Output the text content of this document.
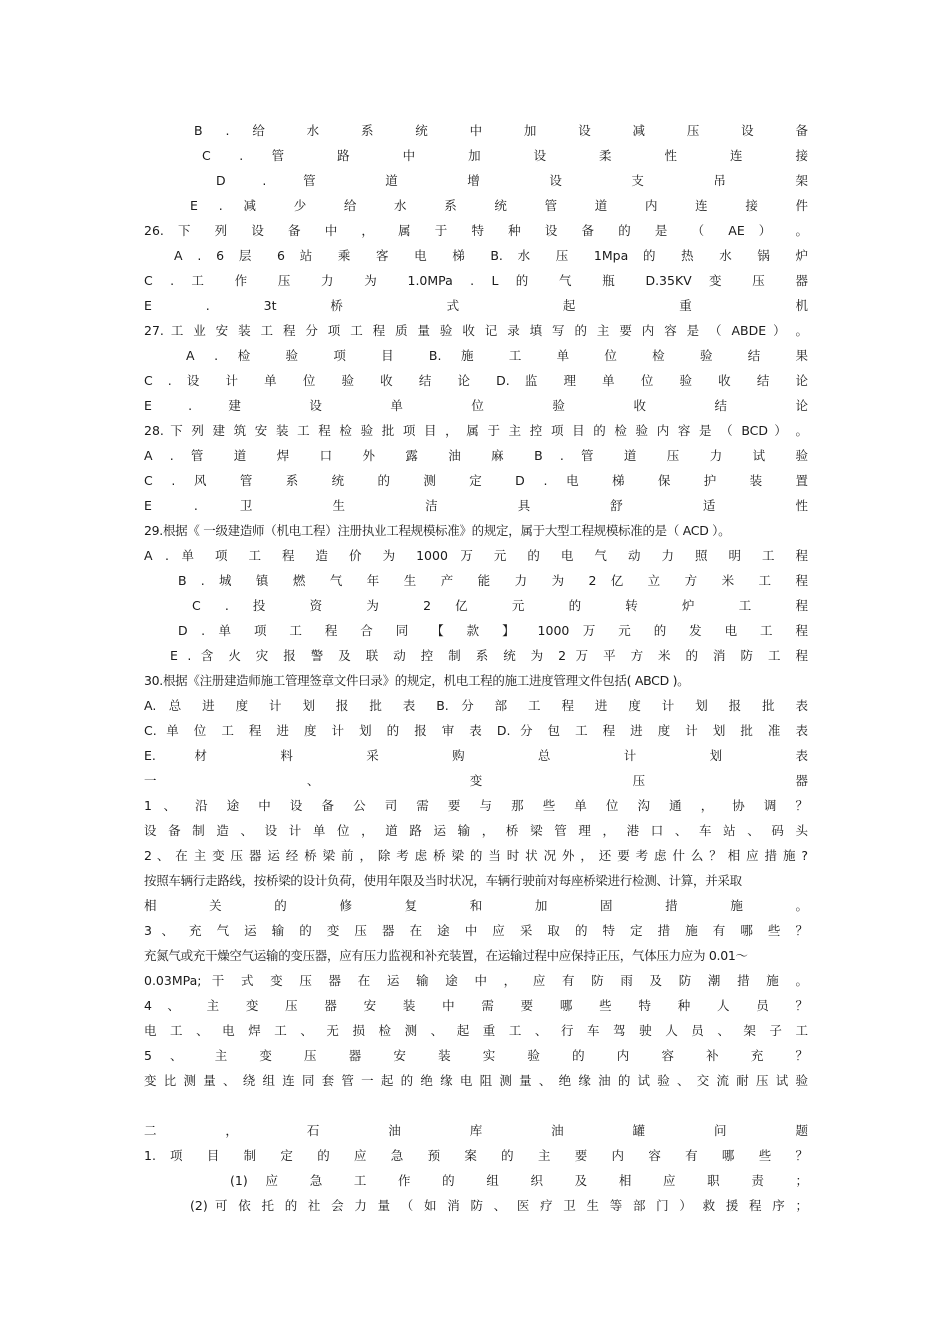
B . 给 水 系 统 中 加 设 减 压 设 备
C . 管 路 中 加 设 柔 性 连 接
D . 管 道 增 设 支 吊 架
E . 减 少 给 水 系 统 管 道 内 连 接 件
26. 下 列 设 备 中 ， 属 于 特 种 设 备 的 是 （ AE ） 。
A . 6 层 6 站 乘 客 电 梯 B. 水 压 1Mpa 的 热 水 锅 炉
C . 工 作 压 力 为 1.0MPa . L 的 气 瓶 D.35KV 变 压 器
E . 3t 桥 式 起 重 机
27. 工 业 安 装 工 程 分 项 工 程 质 量 验 收 记 录 填 写 的 主 要 内 容 是 （ ABDE ） 。
A . 检 验 项 目 B. 施 工 单 位 检 验 结 果
C . 设 计 单 位 验 收 结 论 D. 监 理 单 位 验 收 结 论
E . 建 设 单 位 验 收 结 论
28. 下 列 建 筑 安 装 工 程 检 验 批 项 目 ， 属 于 主 控 项 目 的 检 验 内 容 是 （ BCD ） 。
A . 管 道 焊 口 外 露 油 麻 B . 管 道 压 力 试 验
C . 风 管 系 统 的 测 定 D . 电 梯 保 护 装 置
E . 卫 生 洁 具 舒 适 性
29.根据《 一级建造师（机电工程）注册执业工程规模标准》的规定，属于大型工程规模标准的是（ ACD ）。
A . 单 项 工 程 造 价 为 1000 万 元 的 电 气 动 力 照 明 工 程
B . 城 镇 燃 气 年 生 产 能 力 为 2 亿 立 方 米 工 程
C . 投 资 为 2 亿 元 的 转 炉 工 程
D . 单 项 工 程 合 同 【 款 】 1000 万 元 的 发 电 工 程
E . 含 火 灾 报 警 及 联 动 控 制 系 统 为 2 万 平 方 米 的 消 防 工 程
30.根据《注册建造师施工管理签章文件曰录》的规定，机电工程的施工进度管理文件包括( ABCD )。
A. 总 进 度 计 划 报 批 表 B. 分 部 工 程 进 度 计 划 报 批 表
C. 单 位 工 程 进 度 计 划 的 报 审 表 D. 分 包 工 程 进 度 计 划 批 准 表
E. 材 料 采 购 总 计 划 表
一 、 变 压 器
1 、 沿 途 中 设 备 公 司 需 要 与 那 些 单 位 沟 通 ， 协 调 ？
设 备 制 造 、 设 计 单 位 ， 道 路 运 输 ， 桥 梁 管 理 ， 港 口 、 车 站 、 码 头
2 、 在 主 变 压 器 运 经 桥 梁 前 ， 除 考 虑 桥 梁 的 当 时 状 况 外 ， 还 要 考 虑 什 么 ？ 相 应 措 施 ?
按照车辆行走路线，按桥梁的设计负荷，使用年限及当时状况，车辆行驶前对每座桥梁进行检测、计算，并采取
相 关 的 修 复 和 加 固 措 施 。
3 、 充 气 运 输 的 变 压 器 在 途 中 应 采 取 的 特 定 措 施 有 哪 些 ？
充氮气或充干燥空气运输的变压器，应有压力监视和补充装置，在运输过程中应保持正压，气体压力应为 0.01～
0.03MPa; 干 式 变 压 器 在 运 输 途 中 ， 应 有 防 雨 及 防 潮 措 施 。
4 、 主 变 压 器 安 装 中 需 要 哪 些 特 种 人 员 ？
电 工 、 电 焊 工 、 无 损 检 测 、 起 重 工 、 行 车 驾 驶 人 员 、 架 子 工
5 、 主 变 压 器 安 装 实 验 的 内 容 补 充 ？
变 比 测 量 、 绕 组 连 同 套 管 一 起 的 绝 缘 电 阻 测 量 、 绝 缘 油 的 试 验 、 交 流 耐 压 试 验
二 ， 石 油 库 油 罐 问 题
1. 项 目 制 定 的 应 急 预 案 的 主 要 内 容 有 哪 些 ？
(1) 应 急 工 作 的 组 织 及 相 应 职 责 ；
(2) 可 依 托 的 社 会 力 量 （ 如 消 防 、 医 疗 卫 生 等 部 门 ） 救 援 程 序 ；
